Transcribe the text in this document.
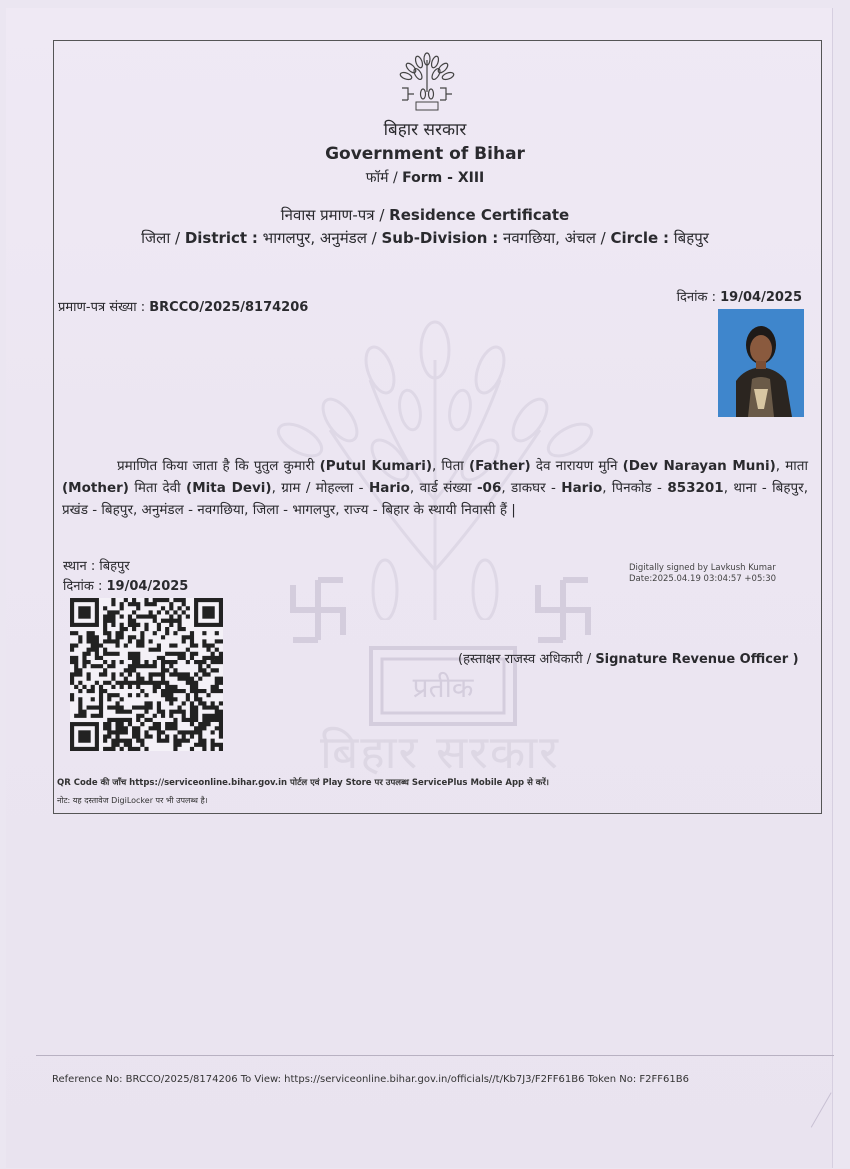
प्रतीक
बिहार सरकार
बिहार सरकार
Government of Bihar
फॉर्म / Form - XIII
निवास प्रमाण-पत्र / Residence Certificate
जिला / District : भागलपुर, अनुमंडल / Sub-Division : नवगछिया, अंचल / Circle : बिहपुर
प्रमाण-पत्र संख्या : BRCCO/2025/8174206
दिनांक : 19/04/2025
प्रमाणित किया जाता है कि पुतुल कुमारी (Putul Kumari), पिता (Father) देव नारायण मुनि (Dev Narayan Muni), माता (Mother) मिता देवी (Mita Devi), ग्राम / मोहल्ला - Hario, वार्ड संख्या -06, डाकघर - Hario, पिनकोड - 853201, थाना - बिहपुर, प्रखंड - बिहपुर, अनुमंडल - नवगछिया, जिला - भागलपुर, राज्य - बिहार के स्थायी निवासी हैं |
स्थान : बिहपुर
दिनांक : 19/04/2025
Digitally signed by Lavkush Kumar
Date:2025.04.19 03:04:57 +05:30
(हस्ताक्षर राजस्व अधिकारी / Signature Revenue Officer )
QR Code की जाँच https://serviceonline.bihar.gov.in पोर्टल एवं Play Store पर उपलब्ध ServicePlus Mobile App से करें।
नोट: यह दस्तावेज DigiLocker पर भी उपलब्ध है।
Reference No: BRCCO/2025/8174206 To View: https://serviceonline.bihar.gov.in/officials//t/Kb7J3/F2FF61B6 Token No: F2FF61B6
